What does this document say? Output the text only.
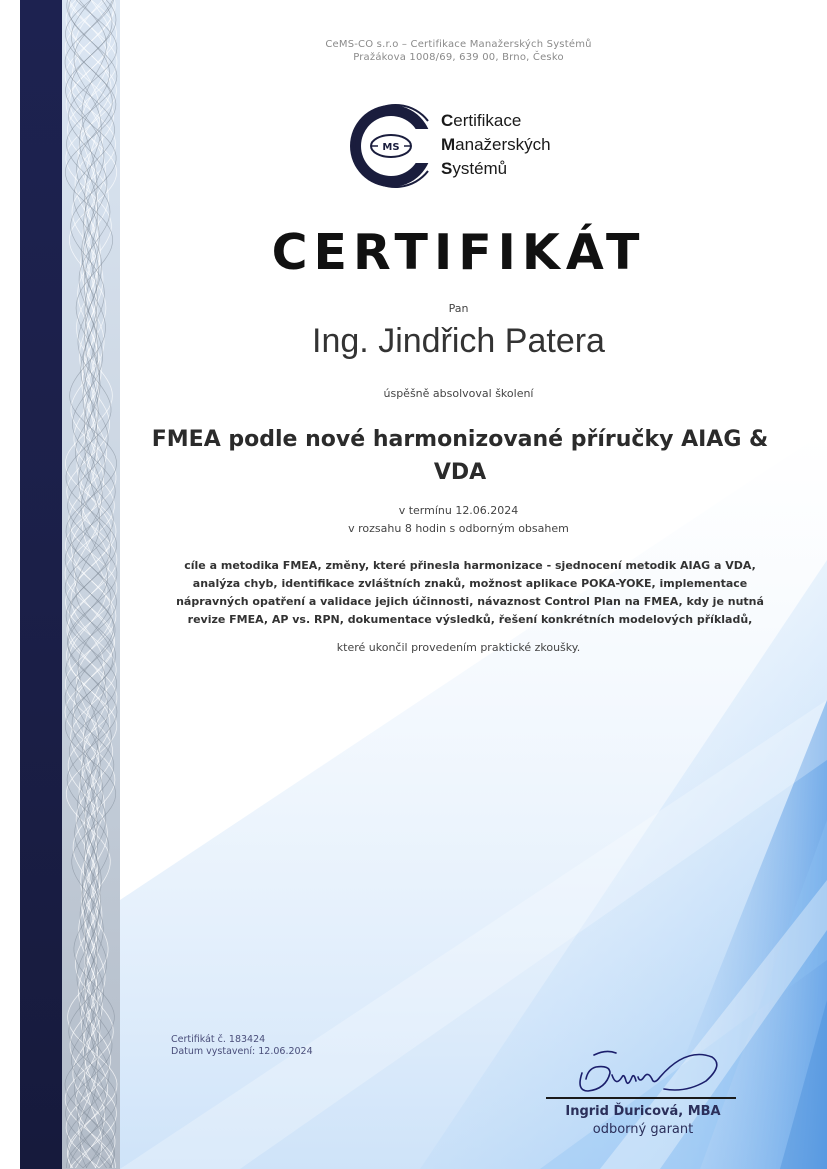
CeMS-CO s.r.o – Certifikace Manažerských Systémů
Pražákova 1008/69, 639 00, Brno, Česko
MS
Certifikace
Manažerských
Systémů
CERTIFIKÁT
Pan
Ing. Jindřich Patera
úspěšně absolvoval školení
FMEA podle nové harmonizované příručky AIAG & VDA
v termínu 12.06.2024
v rozsahu 8 hodin s odborným obsahem
cíle a metodika FMEA, změny, které přinesla harmonizace - sjednocení metodik AIAG a VDA, analýza chyb, identifikace zvláštních znaků, možnost aplikace POKA-YOKE, implementace nápravných opatření a validace jejich účinnosti, návaznost Control Plan na FMEA, kdy je nutná revize FMEA, AP vs. RPN, dokumentace výsledků, řešení konkrétních modelových příkladů,
které ukončil provedením praktické zkoušky.
Certifikát č. 183424
Datum vystavení: 12.06.2024
Ingrid Ďuricová, MBA
odborný garant
